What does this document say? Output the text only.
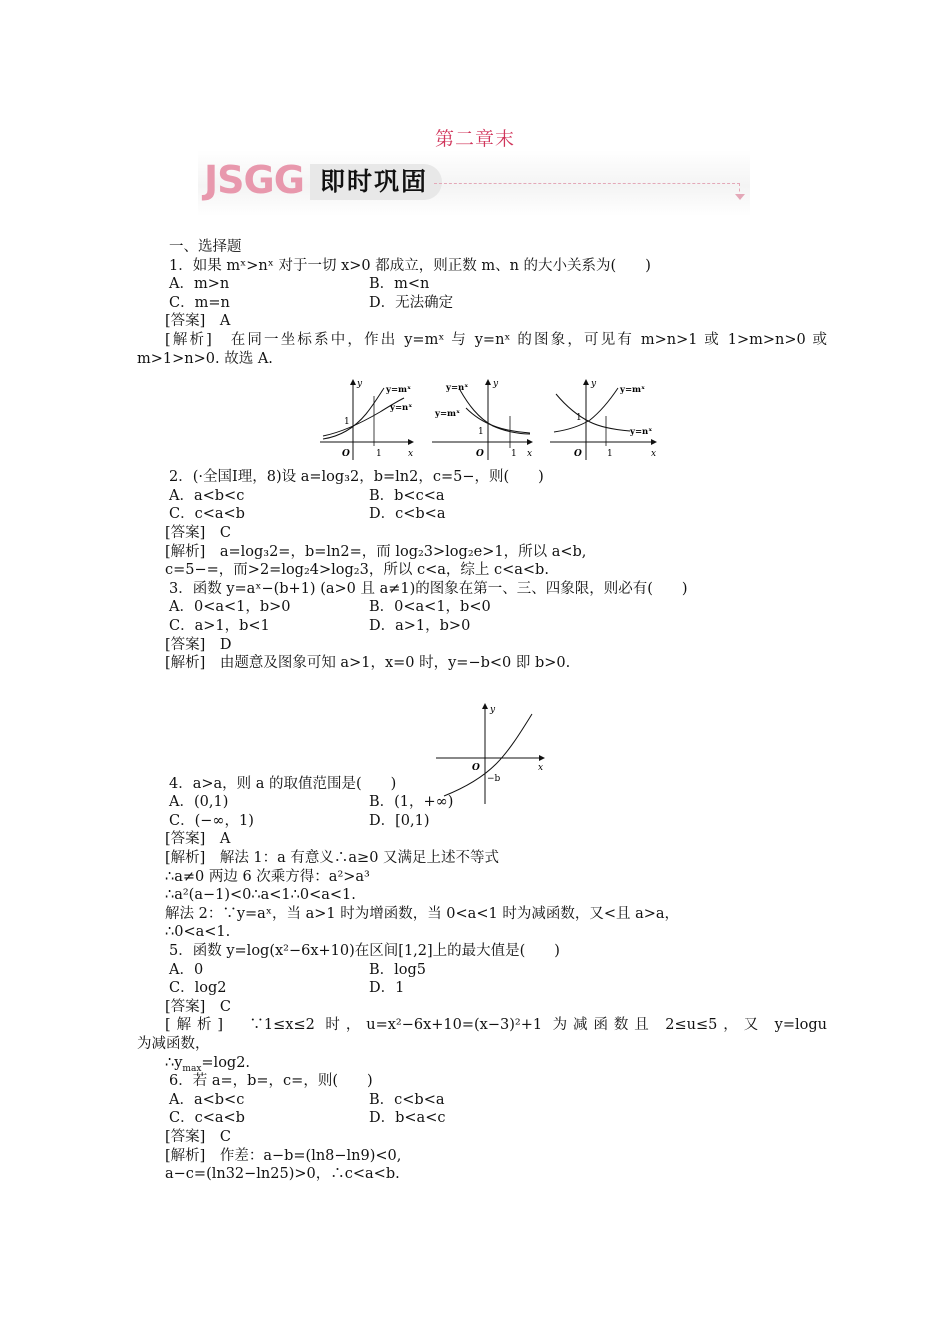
第二章末
JSGG 即时巩固
一、选择题
1．如果 mˣ>nˣ 对于一切 x>0 都成立，则正数 m、n 的大小关系为(　　)
A．m>n	B．m<n
C．m=n	D．无法确定
[答案]　A
[解析]　在同一坐标系中，作出 y=mˣ 与 y=nˣ 的图象，可见有 m>n>1 或 1>m>n>0 或
m>1>n>0. 故选 A.
2．(·全国Ⅰ理，8)设 a=log₃2，b=ln2，c=5−，则(　　)
A．a<b<c	B．b<c<a
C．c<a<b	D．c<b<a
[答案]　C
[解析]　a=log₃2=，b=ln2=，而 log₂3>log₂e>1，所以 a<b,
c=5−=，而>2=log₂4>log₂3，所以 c<a，综上 c<a<b.
3．函数 y=aˣ−(b+1) (a>0 且 a≠1)的图象在第一、三、四象限，则必有(　　)
A．0<a<1，b>0	B．0<a<1，b<0
C．a>1，b<1	D．a>1，b>0
[答案]　D
[解析]　由题意及图象可知 a>1，x=0 时，y=−b<0 即 b>0.
4．a>a，则 a 的取值范围是(　　)
A．(0,1)	B．(1，+∞)
C．(−∞，1)	D．[0,1)
[答案]　A
[解析]　解法 1：a 有意义∴a≥0 又满足上述不等式
∴a≠0 两边 6 次乘方得：a²>a³
∴a²(a−1)<0∴a<1∴0<a<1.
解法 2：∵y=aˣ，当 a>1 时为增函数，当 0<a<1 时为减函数，又<且 a>a，
∴0<a<1.
5．函数 y=log(x²−6x+10)在区间[1,2]上的最大值是(　　)
A．0	B．log5
C．log2	D．1
[答案]　C
[解析]　∵1≤x≤2 时，u=x²−6x+10=(x−3)²+1 为减函数且 2≤u≤5，又 y=logu
为减函数，
$\therefore y_{max}=\log 2$.
6．若 a=，b=，c=，则(　　)
A．a<b<c	B．c<b<a
C．c<a<b	D．b<a<c
[答案]　C
[解析]　作差：a−b=(ln8−ln9)<0,
a−c=(ln32−ln25)>0，∴c<a<b.
y
x
O
1
1
y=mˣ
y=nˣ
y
x
O
1
1
y=nˣ
y=mˣ
y
x
O
1
1
y=mˣ
y=nˣ
y
x
O
−b
